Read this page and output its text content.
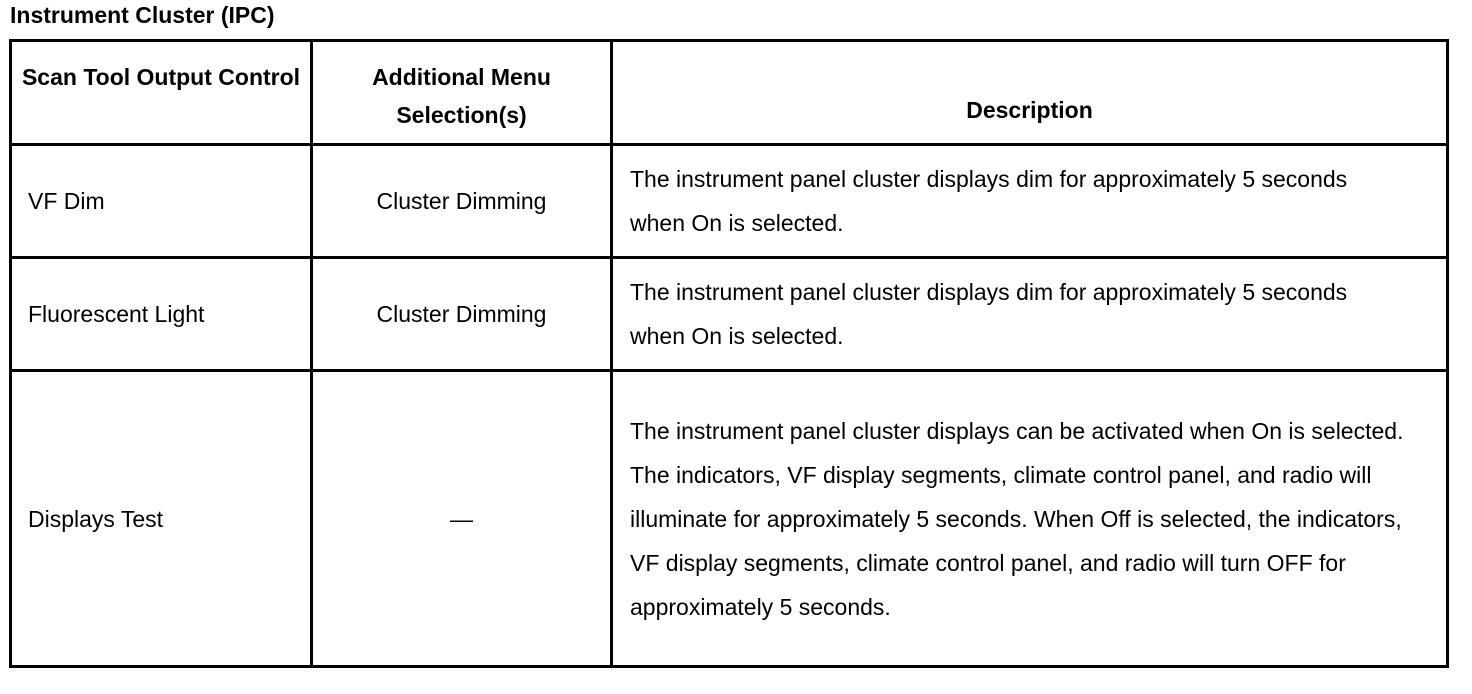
Instrument Cluster (IPC)
Scan Tool Output Control	Additional Menu Selection(s)	Description
VF Dim	Cluster Dimming	The instrument panel cluster displays dim for approximately 5 seconds when On is selected.
Fluorescent Light	Cluster Dimming	The instrument panel cluster displays dim for approximately 5 seconds when On is selected.
Displays Test	—	The instrument panel cluster displays can be activated when On is selected. The indicators, VF display segments, climate control panel, and radio will illuminate for approximately 5 seconds. When Off is selected, the indicators, VF display segments, climate control panel, and radio will turn OFF for approximately 5 seconds.
